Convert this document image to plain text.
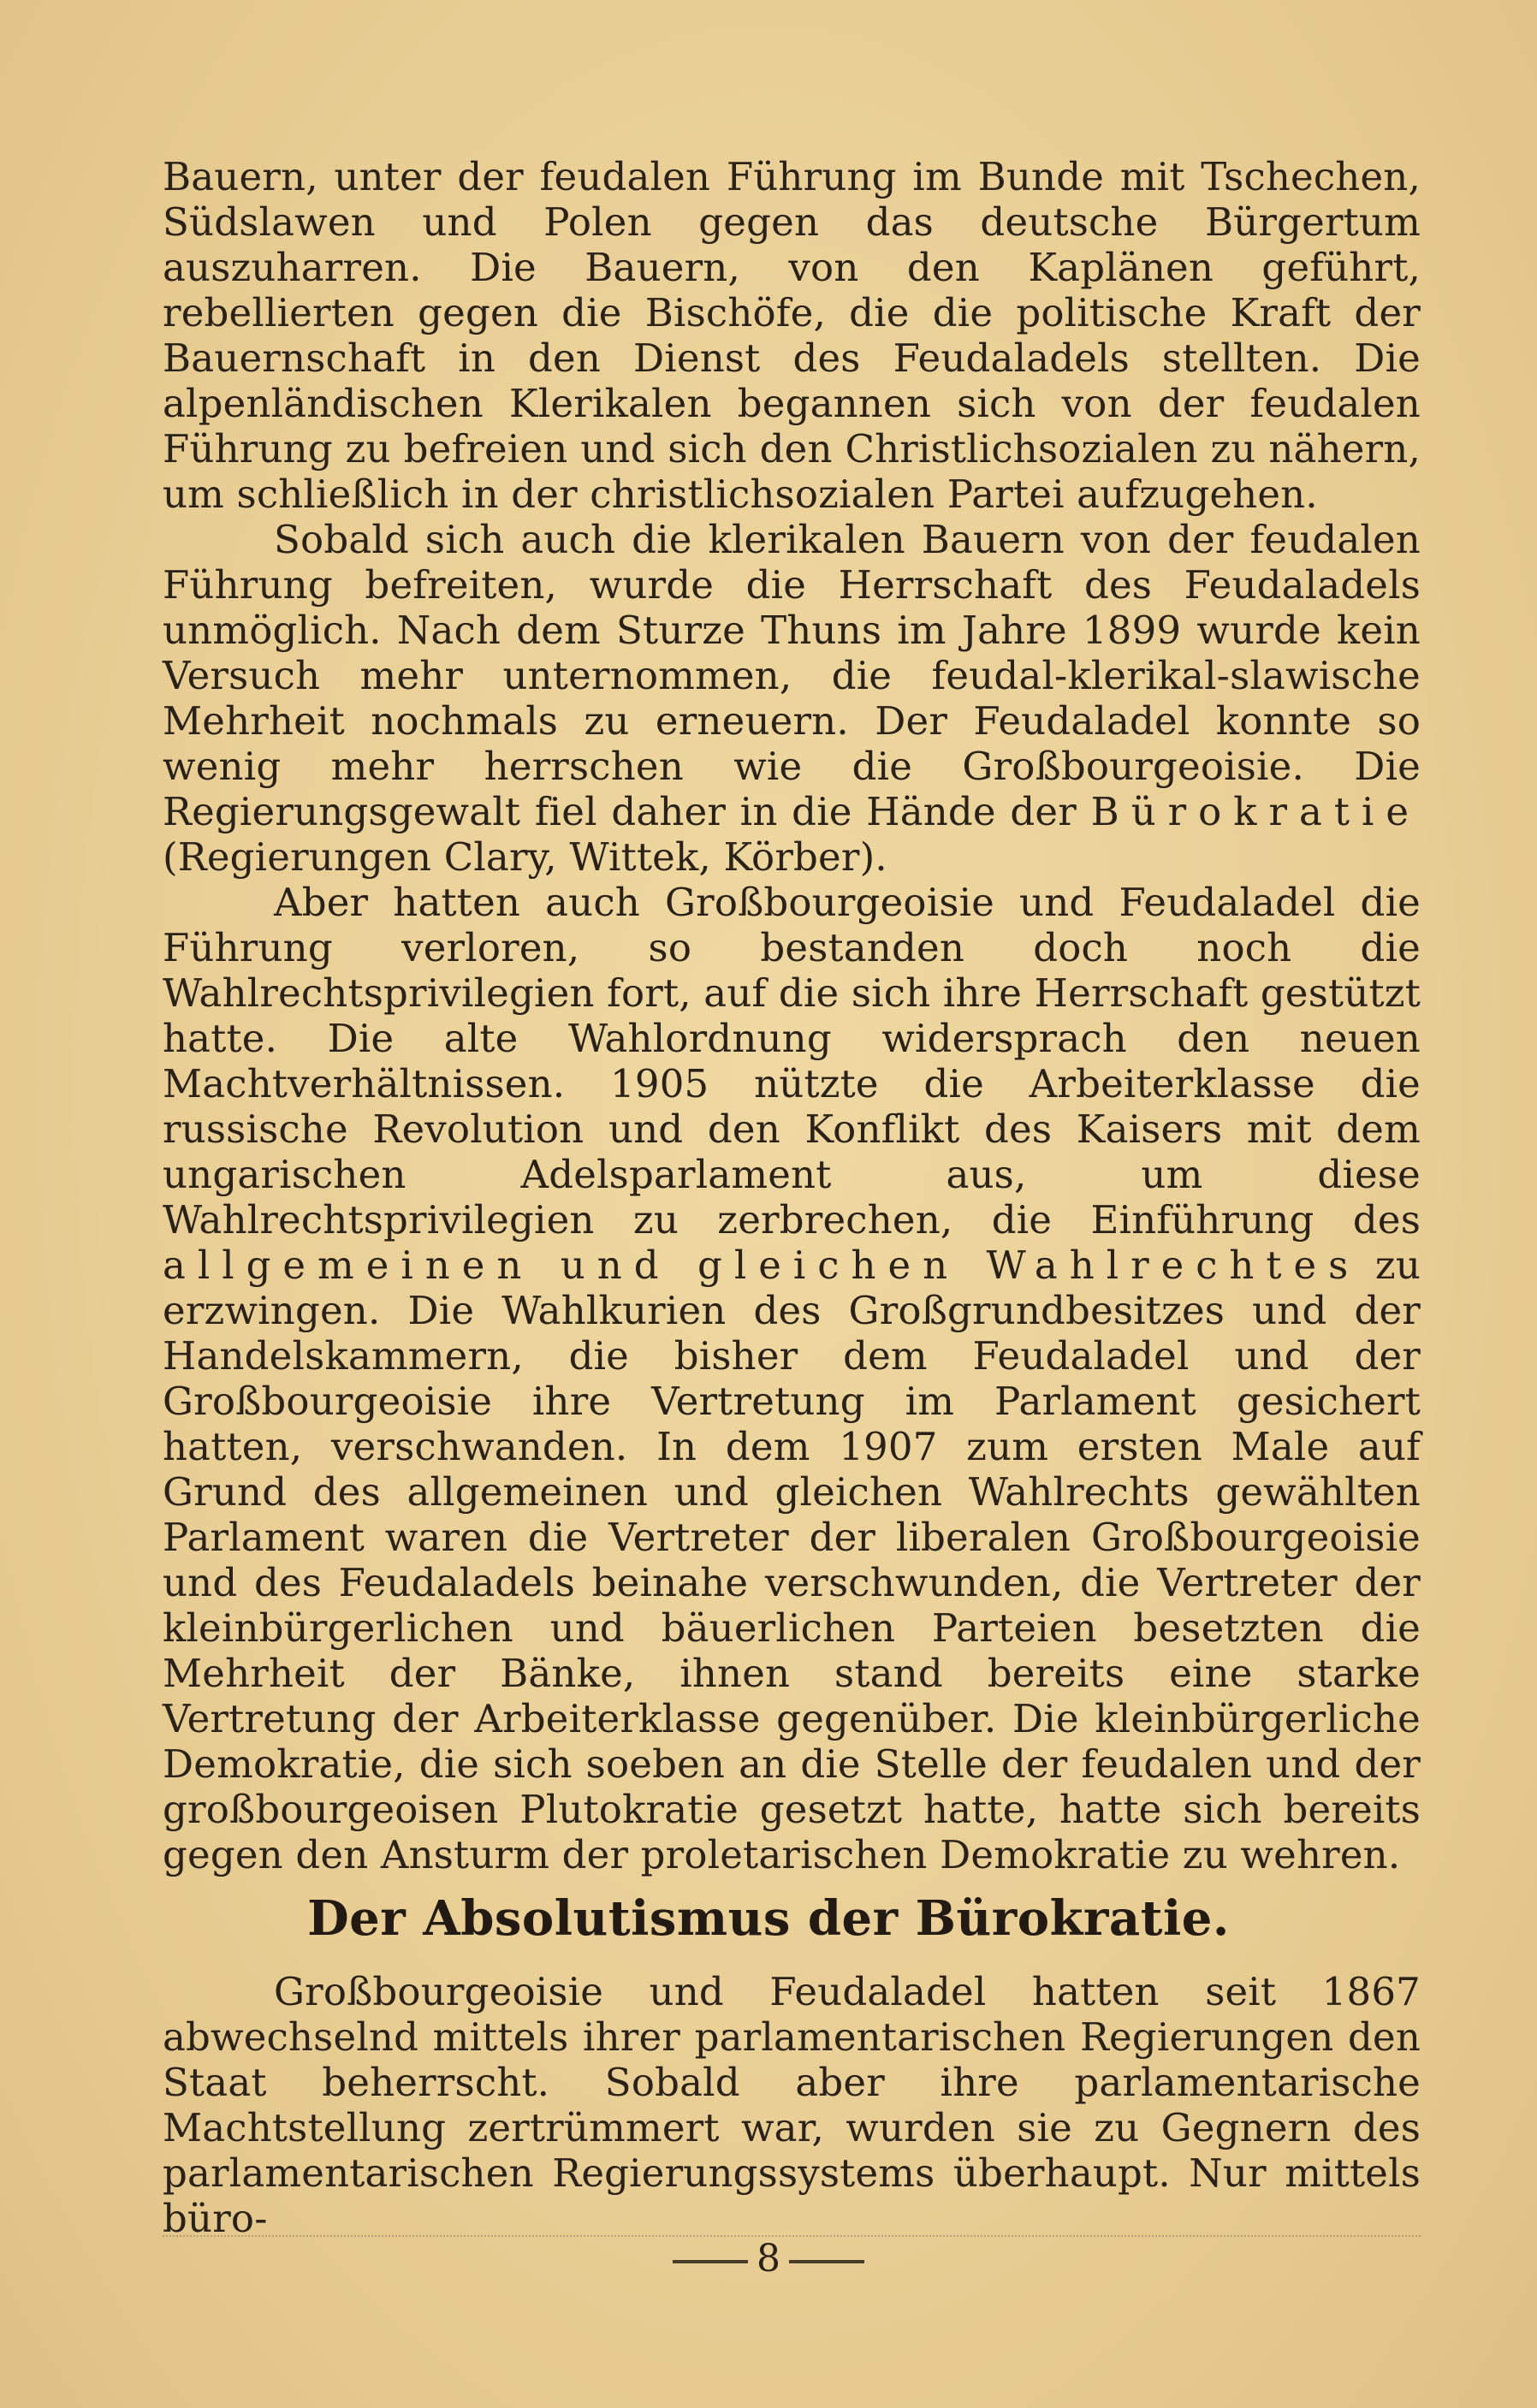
Bauern, unter der feudalen Führung im Bunde mit Tschechen, Südslawen und Polen gegen das deutsche Bürgertum auszuharren. Die Bauern, von den Kaplänen geführt, rebellierten gegen die Bischöfe, die die politische Kraft der Bauernschaft in den Dienst des Feudaladels stellten. Die alpenländischen Klerikalen begannen sich von der feudalen Führung zu befreien und sich den Christlichsozialen zu nähern, um schließlich in der christlichsozialen Partei aufzugehen.

Sobald sich auch die klerikalen Bauern von der feudalen Führung befreiten, wurde die Herrschaft des Feudaladels unmöglich. Nach dem Sturze Thuns im Jahre 1899 wurde kein Versuch mehr unternommen, die feudal-klerikal-slawische Mehrheit nochmals zu erneuern. Der Feudaladel konnte so wenig mehr herrschen wie die Großbourgeoisie. Die Regierungsgewalt fiel daher in die Hände der Bürokratie (Regierungen Clary, Wittek, Körber).

Aber hatten auch Großbourgeoisie und Feudaladel die Führung verloren, so bestanden doch noch die Wahlrechtsprivilegien fort, auf die sich ihre Herrschaft gestützt hatte. Die alte Wahlordnung widersprach den neuen Machtverhältnissen. 1905 nützte die Arbeiterklasse die russische Revolution und den Konflikt des Kaisers mit dem ungarischen Adelsparlament aus, um diese Wahlrechtsprivilegien zu zerbrechen, die Einführung des allgemeinen und gleichen Wahlrechtes zu erzwingen. Die Wahlkurien des Großgrundbesitzes und der Handelskammern, die bisher dem Feudaladel und der Großbourgeoisie ihre Vertretung im Parlament gesichert hatten, verschwanden. In dem 1907 zum ersten Male auf Grund des allgemeinen und gleichen Wahlrechts gewählten Parlament waren die Vertreter der liberalen Großbourgeoisie und des Feudaladels beinahe verschwunden, die Vertreter der kleinbürgerlichen und bäuerlichen Parteien besetzten die Mehrheit der Bänke, ihnen stand bereits eine starke Vertretung der Arbeiterklasse gegenüber. Die kleinbürgerliche Demokratie, die sich soeben an die Stelle der feudalen und der großbourgeoisen Plutokratie gesetzt hatte, hatte sich bereits gegen den Ansturm der proletarischen Demokratie zu wehren.

Der Absolutismus der Bürokratie.

Großbourgeoisie und Feudaladel hatten seit 1867 abwechselnd mittels ihrer parlamentarischen Regierungen den Staat beherrscht. Sobald aber ihre parlamentarische Machtstellung zertrümmert war, wurden sie zu Gegnern des parlamentarischen Regierungssystems überhaupt. Nur mittels büro-

8
